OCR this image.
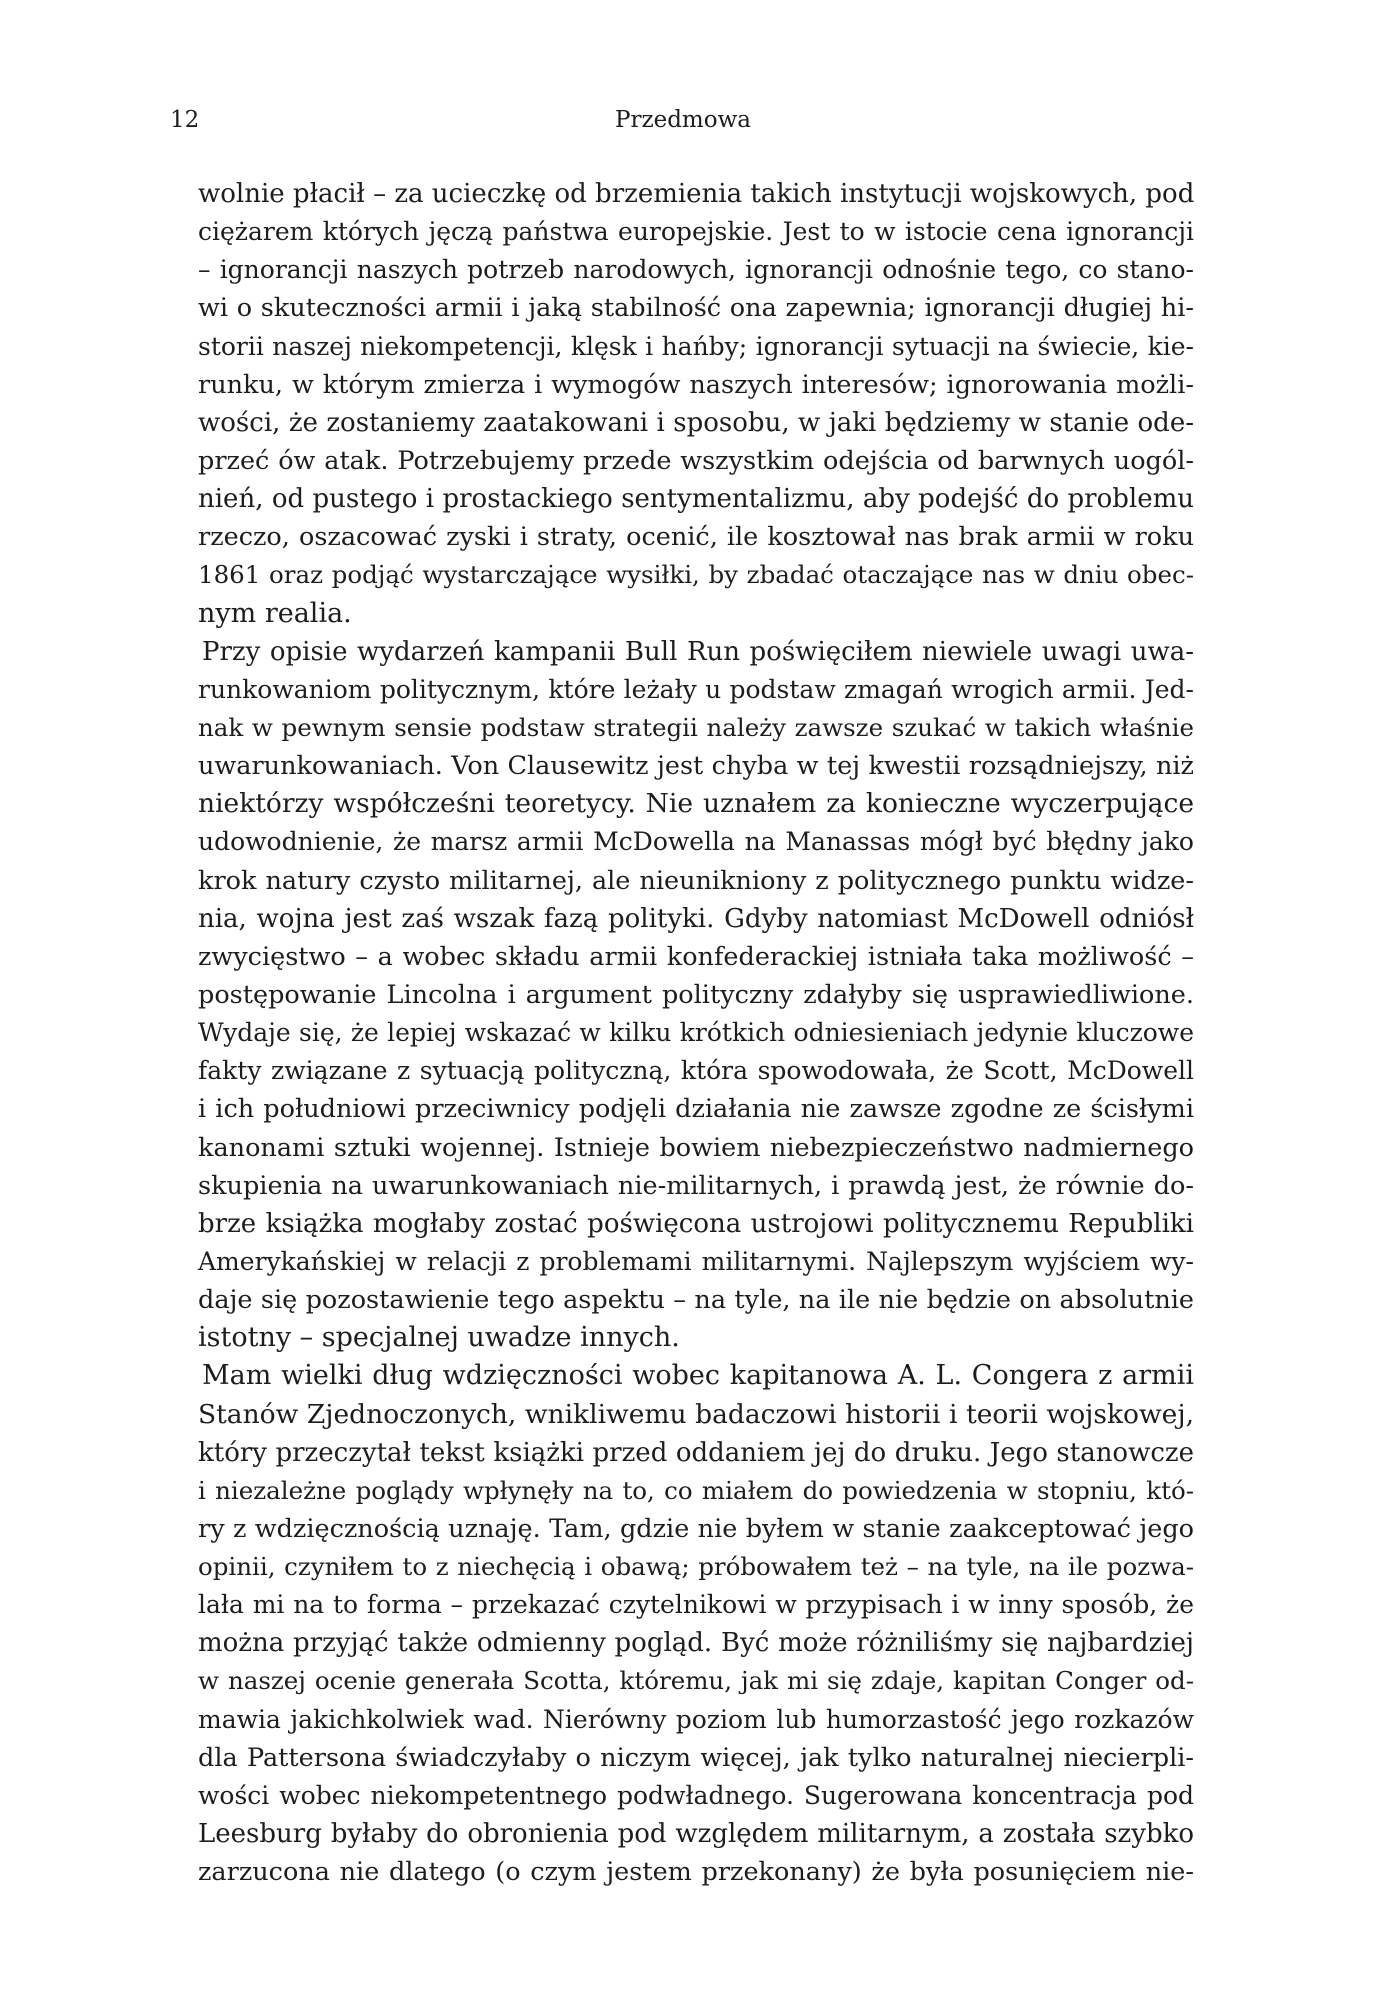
12	Przedmowa
wolnie płacił – za ucieczkę od brzemienia takich instytucji wojskowych, pod
ciężarem których jęczą państwa europejskie. Jest to w istocie cena ignorancji
– ignorancji naszych potrzeb narodowych, ignorancji odnośnie tego, co stano-
wi o skuteczności armii i jaką stabilność ona zapewnia; ignorancji długiej hi-
storii naszej niekompetencji, klęsk i hańby; ignorancji sytuacji na świecie, kie-
runku, w którym zmierza i wymogów naszych interesów; ignorowania możli-
wości, że zostaniemy zaatakowani i sposobu, w jaki będziemy w stanie ode-
przeć ów atak. Potrzebujemy przede wszystkim odejścia od barwnych uogól-
nień, od pustego i prostackiego sentymentalizmu, aby podejść do problemu
rzeczo, oszacować zyski i straty, ocenić, ile kosztował nas brak armii w roku
1861 oraz podjąć wystarczające wysiłki, by zbadać otaczające nas w dniu obec-
nym realia.
Przy opisie wydarzeń kampanii Bull Run poświęciłem niewiele uwagi uwa-
runkowaniom politycznym, które leżały u podstaw zmagań wrogich armii. Jed-
nak w pewnym sensie podstaw strategii należy zawsze szukać w takich właśnie
uwarunkowaniach. Von Clausewitz jest chyba w tej kwestii rozsądniejszy, niż
niektórzy współcześni teoretycy. Nie uznałem za konieczne wyczerpujące
udowodnienie, że marsz armii McDowella na Manassas mógł być błędny jako
krok natury czysto militarnej, ale nieunikniony z politycznego punktu widze-
nia, wojna jest zaś wszak fazą polityki. Gdyby natomiast McDowell odniósł
zwycięstwo – a wobec składu armii konfederackiej istniała taka możliwość –
postępowanie Lincolna i argument polityczny zdałyby się usprawiedliwione.
Wydaje się, że lepiej wskazać w kilku krótkich odniesieniach jedynie kluczowe
fakty związane z sytuacją polityczną, która spowodowała, że Scott, McDowell
i ich południowi przeciwnicy podjęli działania nie zawsze zgodne ze ścisłymi
kanonami sztuki wojennej. Istnieje bowiem niebezpieczeństwo nadmiernego
skupienia na uwarunkowaniach nie-militarnych, i prawdą jest, że równie do-
brze książka mogłaby zostać poświęcona ustrojowi politycznemu Republiki
Amerykańskiej w relacji z problemami militarnymi. Najlepszym wyjściem wy-
daje się pozostawienie tego aspektu – na tyle, na ile nie będzie on absolutnie
istotny – specjalnej uwadze innych.
Mam wielki dług wdzięczności wobec kapitanowa A. L. Congera z armii
Stanów Zjednoczonych, wnikliwemu badaczowi historii i teorii wojskowej,
który przeczytał tekst książki przed oddaniem jej do druku. Jego stanowcze
i niezależne poglądy wpłynęły na to, co miałem do powiedzenia w stopniu, któ-
ry z wdzięcznością uznaję. Tam, gdzie nie byłem w stanie zaakceptować jego
opinii, czyniłem to z niechęcią i obawą; próbowałem też – na tyle, na ile pozwa-
lała mi na to forma – przekazać czytelnikowi w przypisach i w inny sposób, że
można przyjąć także odmienny pogląd. Być może różniliśmy się najbardziej
w naszej ocenie generała Scotta, któremu, jak mi się zdaje, kapitan Conger od-
mawia jakichkolwiek wad. Nierówny poziom lub humorzastość jego rozkazów
dla Pattersona świadczyłaby o niczym więcej, jak tylko naturalnej niecierpli-
wości wobec niekompetentnego podwładnego. Sugerowana koncentracja pod
Leesburg byłaby do obronienia pod względem militarnym, a została szybko
zarzucona nie dlatego (o czym jestem przekonany) że była posunięciem nie-
